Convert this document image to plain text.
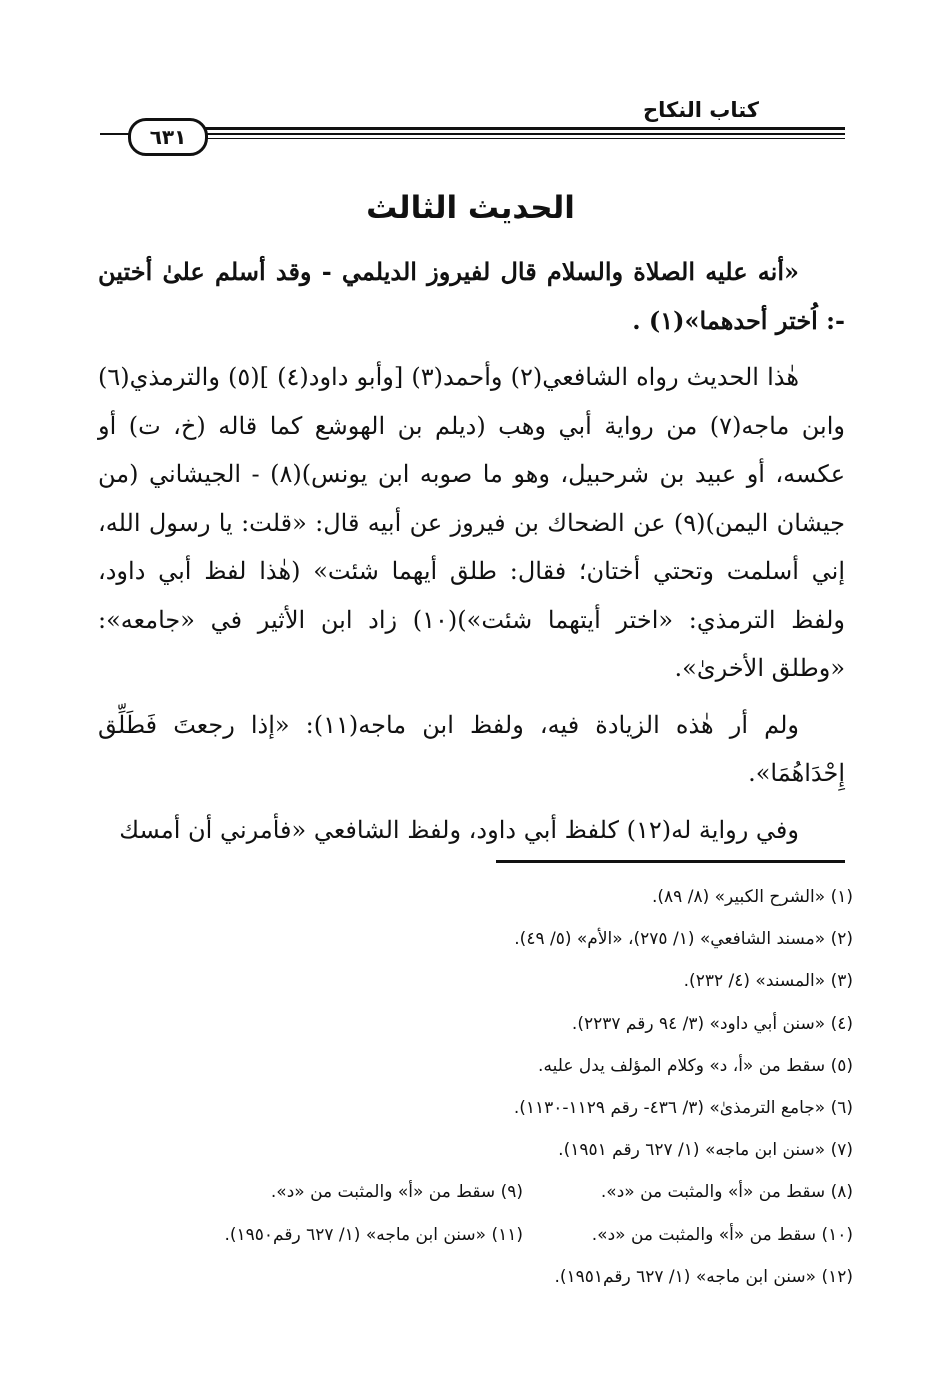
كتاب النكاح
٦٣١
الحديث الثالث

«أنه عليه الصلاة والسلام قال لفيروز الديلمي - وقد أسلم علىٰ أختين -: اُختر أحدهما»(١) .

هٰذا الحديث رواه الشافعي(٢) وأحمد(٣) [وأبو داود(٤) ](٥) والترمذي(٦) وابن ماجه(٧) من رواية أبي وهب (ديلم بن الهوشع كما قاله (خ، ت) أو عكسه، أو عبيد بن شرحبيل، وهو ما صوبه ابن يونس)(٨) - الجيشاني (من جيشان اليمن)(٩) عن الضحاك بن فيروز عن أبيه قال: «قلت: يا رسول الله، إني أسلمت وتحتي أختان؛ فقال: طلق أيهما شئت» (هٰذا لفظ أبي داود، ولفظ الترمذي: «اختر أيتهما شئت»)(١٠) زاد ابن الأثير في «جامعه»: «وطلق الأخرىٰ».

ولم أر هٰذه الزيادة فيه، ولفظ ابن ماجه(١١): «إذا رجعتَ فَطَلِّق إِحْدَاهُمَا».

وفي رواية له(١٢) كلفظ أبي داود، ولفظ الشافعي «فأمرني أن أمسك

(١) «الشرح الكبير» (٨/ ٨٩).
(٢) «مسند الشافعي» (١/ ٢٧٥)، «الأم» (٥/ ٤٩).
(٣) «المسند» (٤/ ٢٣٢).
(٤) «سنن أبي داود» (٣/ ٩٤ رقم ٢٢٣٧).
(٥) سقط من «أ، د» وكلام المؤلف يدل عليه.
(٦) «جامع الترمذىٰ» (٣/ ٤٣٦- رقم ١١٢٩-١١٣٠).
(٧) «سنن ابن ماجه» (١/ ٦٢٧ رقم ١٩٥١).
(٨) سقط من «أ» والمثبت من «د».
(٩) سقط من «أ» والمثبت من «د».
(١٠) سقط من «أ» والمثبت من «د».
(١١) «سنن ابن ماجه» (١/ ٦٢٧ رقم١٩٥٠).
(١٢) «سنن ابن ماجه» (١/ ٦٢٧ رقم١٩٥١).
